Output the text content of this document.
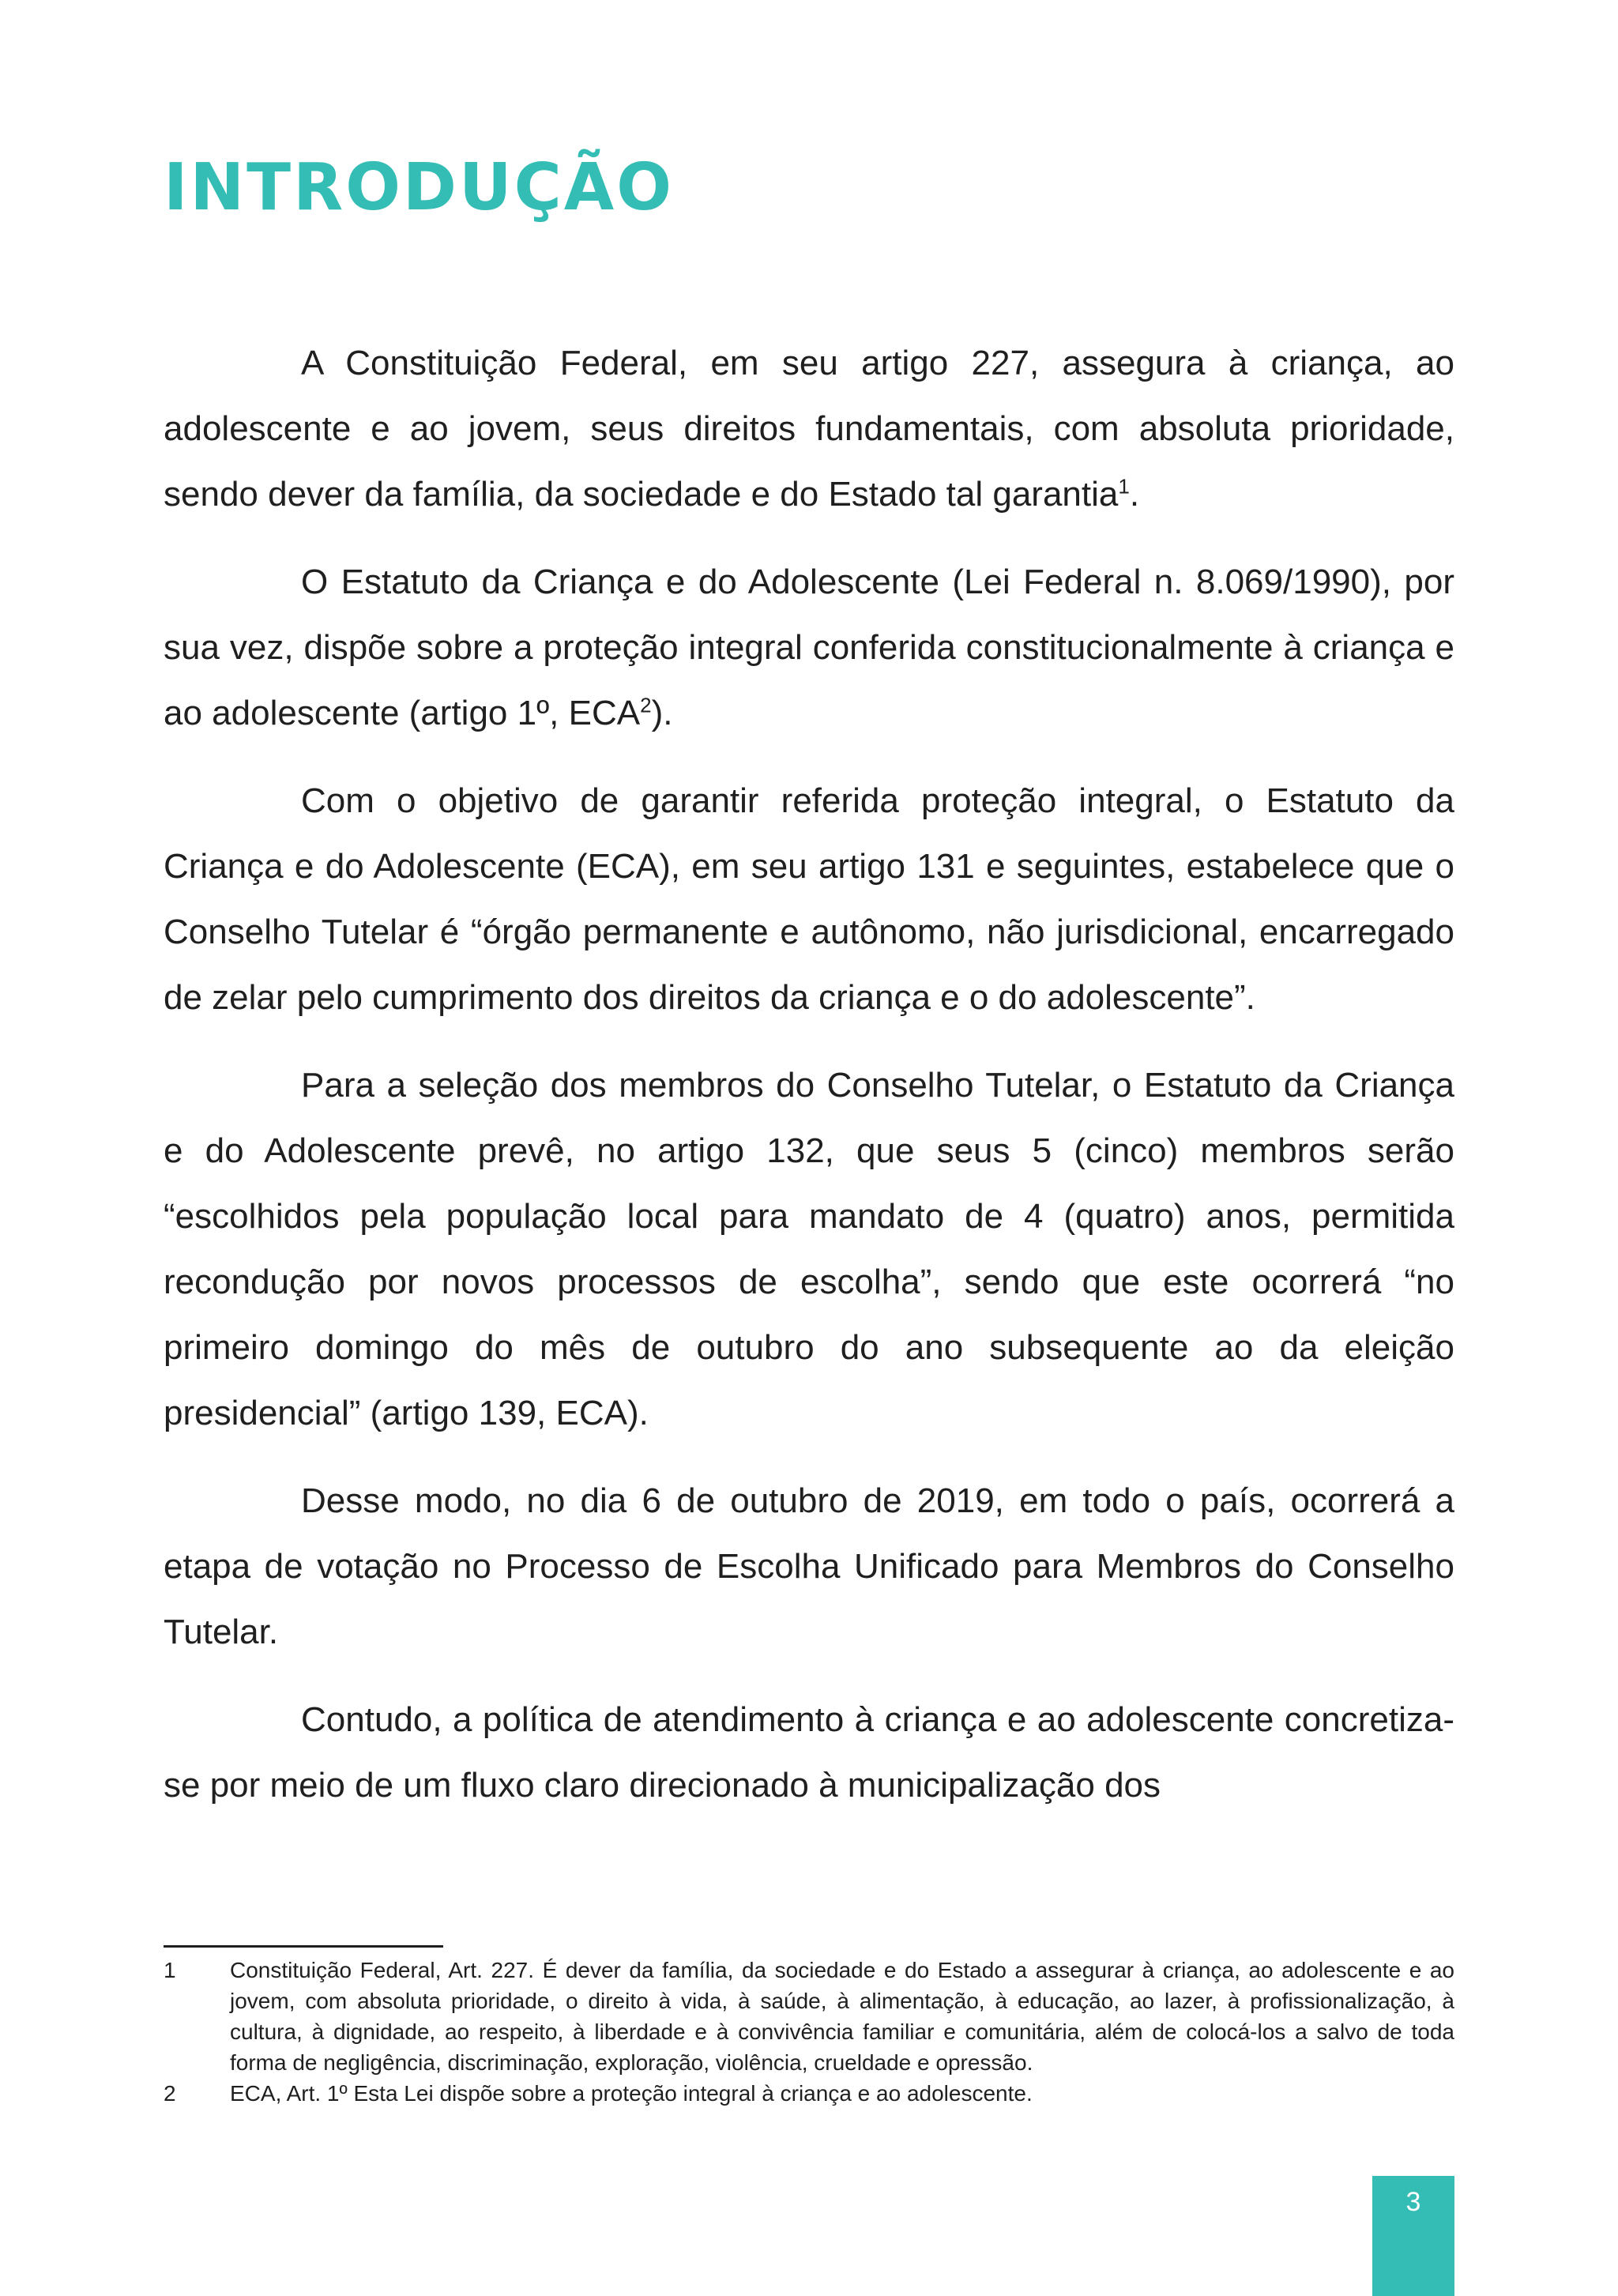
INTRODUÇÃO

A Constituição Federal, em seu artigo 227, assegura à criança, ao adolescente e ao jovem, seus direitos fundamentais, com absoluta prioridade, sendo dever da família, da sociedade e do Estado tal garantia$^1$.

O Estatuto da Criança e do Adolescente (Lei Federal n. 8.069/1990), por sua vez, dispõe sobre a proteção integral conferida constitucionalmente à criança e ao adolescente (artigo 1º, ECA$^2$).

Com o objetivo de garantir referida proteção integral, o Estatuto da Criança e do Adolescente (ECA), em seu artigo 131 e seguintes, estabelece que o Conselho Tutelar é “órgão permanente e autônomo, não jurisdicional, encarregado de zelar pelo cumprimento dos direitos da criança e o do adolescente”.

Para a seleção dos membros do Conselho Tutelar, o Estatuto da Criança e do Adolescente prevê, no artigo 132, que seus 5 (cinco) membros serão “escolhidos pela população local para mandato de 4 (quatro) anos, permitida recondução por novos processos de escolha”, sendo que este ocorrerá “no primeiro domingo do mês de outubro do ano subsequente ao da eleição presidencial” (artigo 139, ECA).

Desse modo, no dia 6 de outubro de 2019, em todo o país, ocorrerá a etapa de votação no Processo de Escolha Unificado para Membros do Conselho Tutelar.

Contudo, a política de atendimento à criança e ao adolescente concretiza-se por meio de um fluxo claro direcionado à municipalização dos

1	Constituição Federal, Art. 227. É dever da família, da sociedade e do Estado a assegurar à criança, ao adolescente e ao jovem, com absoluta prioridade, o direito à vida, à saúde, à alimentação, à educação, ao lazer, à profissionalização, à cultura, à dignidade, ao respeito, à liberdade e à convivência familiar e comunitária, além de colocá-los a salvo de toda forma de negligência, discriminação, exploração, violência, crueldade e opressão.
2	ECA, Art. 1º Esta Lei dispõe sobre a proteção integral à criança e ao adolescente.
3
